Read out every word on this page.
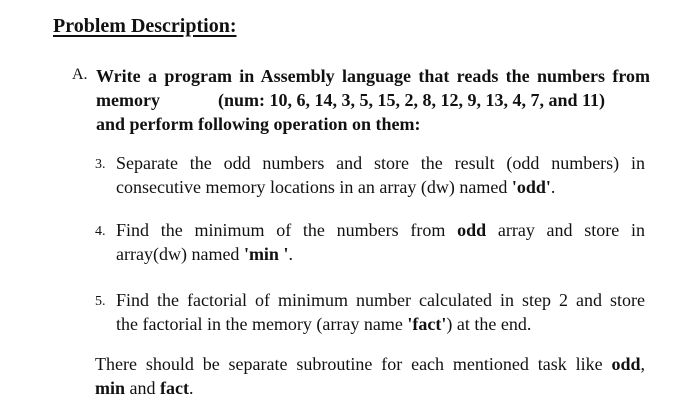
Problem Description:
A. Write a program in Assembly language that reads the numbers from
memory	(num: 10, 6, 14, 3, 5, 15, 2, 8, 12, 9, 13, 4, 7, and 11)
and perform following operation on them:
3. Separate the odd numbers and store the result (odd numbers) in
consecutive memory locations in an array (dw) named 'odd'.
4. Find the minimum of the numbers from odd array and store in
array(dw) named 'min '.
5. Find the factorial of minimum number calculated in step 2 and store
the factorial in the memory (array name 'fact') at the end.
There should be separate subroutine for each mentioned task like odd,
min and fact.
